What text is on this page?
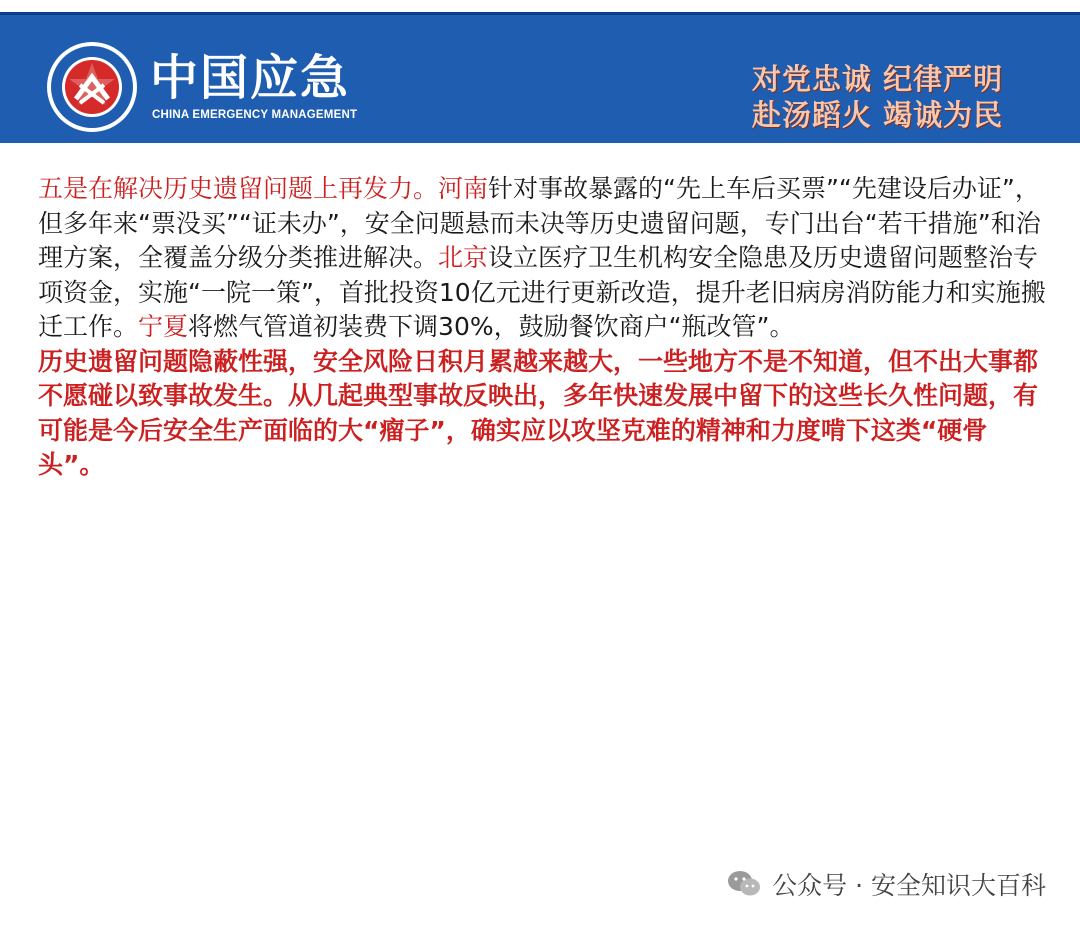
中国应急
CHINA EMERGENCY MANAGEMENT
对党忠诚 纪律严明
赴汤蹈火 竭诚为民

五是在解决历史遗留问题上再发力。河南针对事故暴露的“先上车后买票”“先建设后办证”，但多年来“票没买”“证未办”，安全问题悬而未决等历史遗留问题，专门出台“若干措施”和治理方案，全覆盖分级分类推进解决。北京设立医疗卫生机构安全隐患及历史遗留问题整治专项资金，实施“一院一策”，首批投资10亿元进行更新改造，提升老旧病房消防能力和实施搬迁工作。宁夏将燃气管道初装费下调30%，鼓励餐饮商户“瓶改管”。

历史遗留问题隐蔽性强，安全风险日积月累越来越大，一些地方不是不知道，但不出大事都不愿碰以致事故发生。从几起典型事故反映出，多年快速发展中留下的这些长久性问题，有可能是今后安全生产面临的大“瘤子”，确实应以攻坚克难的精神和力度啃下这类“硬骨头”。

公众号 · 安全知识大百科
